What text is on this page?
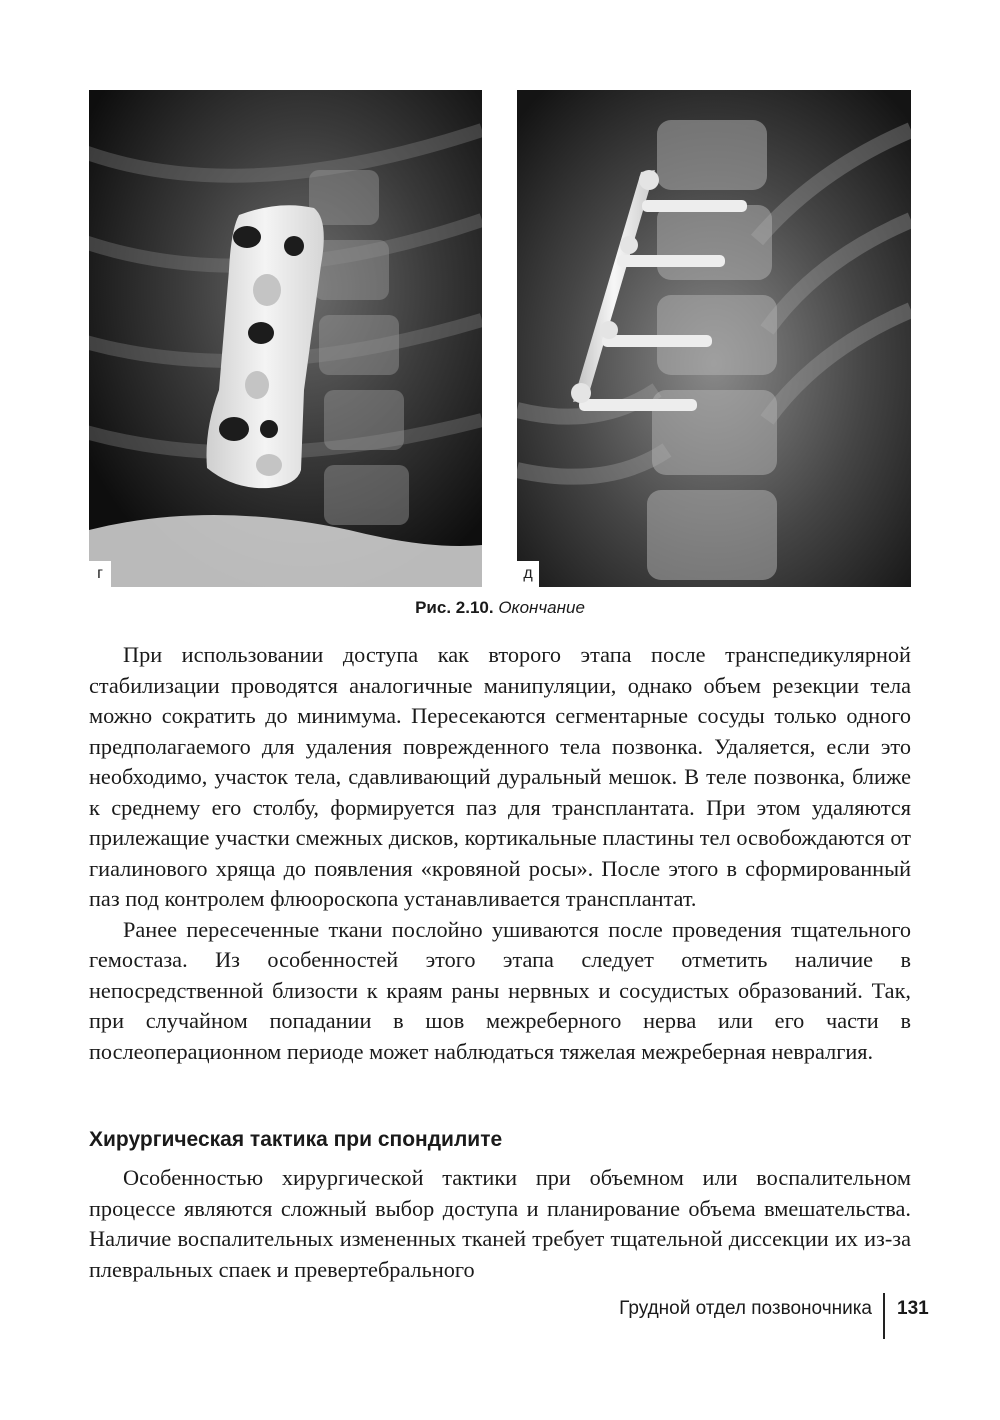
г	д
Рис. 2.10. Окончание

При использовании доступа как второго этапа после транспедикулярной стабилизации проводятся аналогичные манипуляции, однако объем резекции тела можно сократить до минимума. Пересекаются сегментарные сосуды только одного предполагаемого для удаления поврежденного тела позвонка. Удаляется, если это необходимо, участок тела, сдавливающий дуральный мешок. В теле позвонка, ближе к среднему его столбу, формируется паз для трансплантата. При этом удаляются прилежащие участки смежных дисков, кортикальные пластины тел освобождаются от гиалинового хряща до появления «кровяной росы». После этого в сформированный паз под контролем флюороскопа устанавливается трансплантат.

Ранее пересеченные ткани послойно ушиваются после проведения тщательного гемостаза. Из особенностей этого этапа следует отметить наличие в непосредственной близости к краям раны нервных и сосудистых образований. Так, при случайном попадании в шов межреберного нерва или его части в послеоперационном периоде может наблюдаться тяжелая межреберная невралгия.

Хирургическая тактика при спондилите

Особенностью хирургической тактики при объемном или воспалительном процессе являются сложный выбор доступа и планирование объема вмешательства. Наличие воспалительных измененных тканей требует тщательной диссекции их из-за плевральных спаек и превертебрального

Грудной отдел позвоночника 131
